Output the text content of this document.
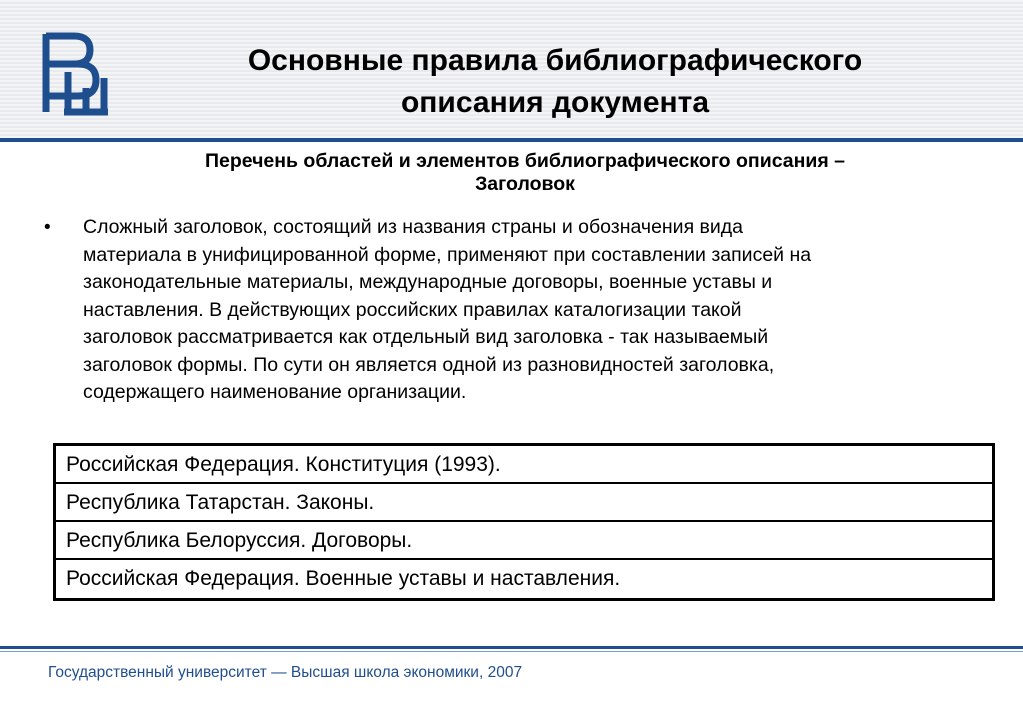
Основные правила библиографического
описания документа
Перечень областей и элементов библиографического описания –
Заголовок
• Сложный заголовок, состоящий из названия страны и обозначения вида
материала в унифицированной форме, применяют при составлении записей на
законодательные материалы, международные договоры, военные уставы и
наставления. В действующих российских правилах каталогизации такой
заголовок рассматривается как отдельный вид заголовка - так называемый
заголовок формы. По сути он является одной из разновидностей заголовка,
содержащего наименование организации.
Российская Федерация. Конституция (1993).
Республика Татарстан. Законы.
Республика Белоруссия. Договоры.
Российская Федерация. Военные уставы и наставления.
Государственный университет — Высшая школа экономики, 2007
